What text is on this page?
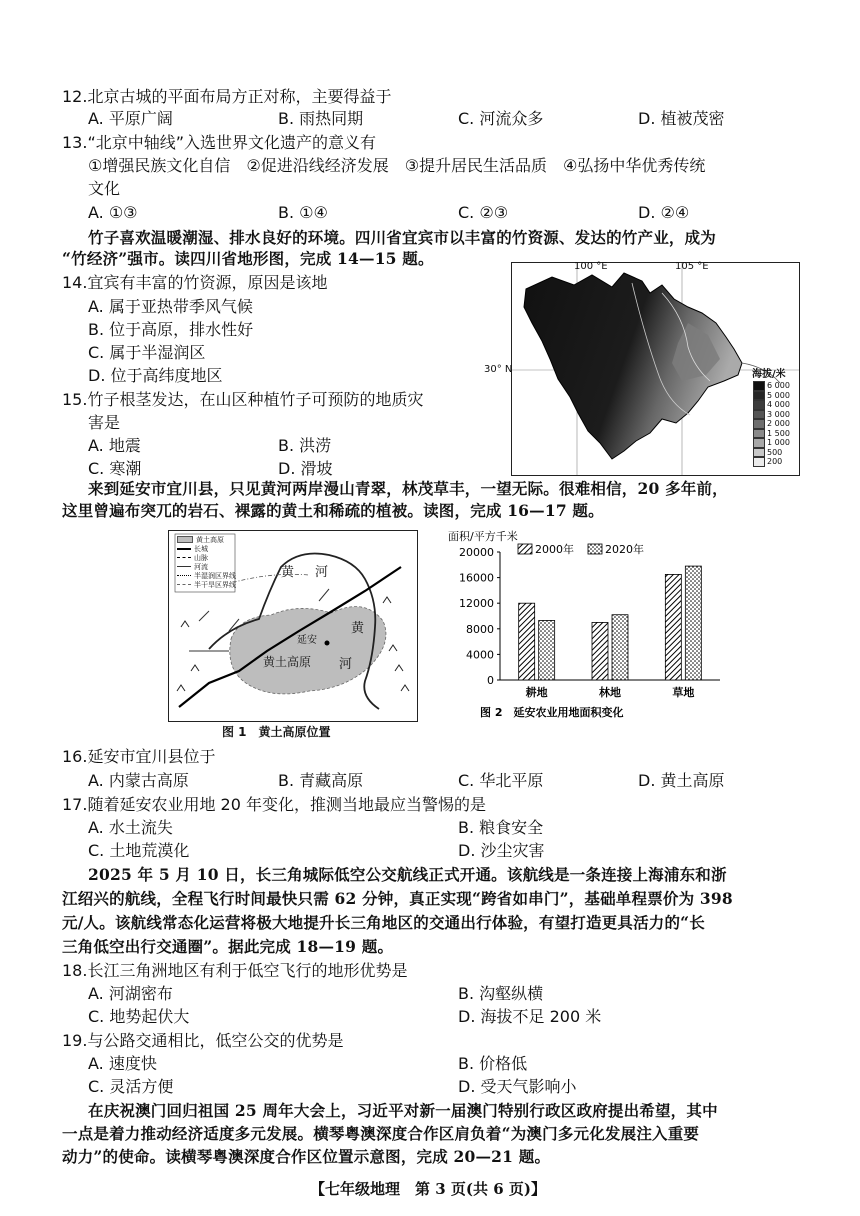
12.北京古城的平面布局方正对称，主要得益于
A. 平原广阔	B. 雨热同期	C. 河流众多	D. 植被茂密
13.“北京中轴线”入选世界文化遗产的意义有
①增强民族文化自信　②促进沿线经济发展　③提升居民生活品质　④弘扬中华优秀传统
文化
A. ①③	B. ①④	C. ②③	D. ②④
竹子喜欢温暖潮湿、排水良好的环境。四川省宜宾市以丰富的竹资源、发达的竹产业，成为
“竹经济”强市。读四川省地形图，完成 14—15 题。
14.宜宾有丰富的竹资源，原因是该地
A. 属于亚热带季风气候
B. 位于高原，排水性好
C. 属于半湿润区
D. 位于高纬度地区
15.竹子根茎发达，在山区种植竹子可预防的地质灾
害是
A. 地震	B. 洪涝
C. 寒潮	D. 滑坡
100 °E	105 °E
30° N	海拔/米
6 000
5 000
4 000
3 000
2 000
1 500
1 000
500
200
来到延安市宜川县，只见黄河两岸漫山青翠，林茂草丰，一望无际。很难相信，20 多年前，
这里曾遍布突兀的岩石、裸露的黄土和稀疏的植被。读图，完成 16—17 题。
黄土高原
长城
山脉
河流
半湿润区界线
半干旱区界线
黄 河
黄
河
延安
黄土高原
图 1　黄土高原位置
面积/平方千米
0
4000
8000
12000
16000
20000	2000年	2020年
耕地	林地	草地
图 2　延安农业用地面积变化
16.延安市宜川县位于
A. 内蒙古高原	B. 青藏高原	C. 华北平原	D. 黄土高原
17.随着延安农业用地 20 年变化，推测当地最应当警惕的是
A. 水土流失	B. 粮食安全
C. 土地荒漠化	D. 沙尘灾害
2025 年 5 月 10 日，长三角城际低空公交航线正式开通。该航线是一条连接上海浦东和浙
江绍兴的航线，全程飞行时间最快只需 62 分钟，真正实现“跨省如串门”，基础单程票价为 398
元/人。该航线常态化运营将极大地提升长三角地区的交通出行体验，有望打造更具活力的“长
三角低空出行交通圈”。据此完成 18—19 题。
18.长江三角洲地区有利于低空飞行的地形优势是
A. 河湖密布	B. 沟壑纵横
C. 地势起伏大	D. 海拔不足 200 米
19.与公路交通相比，低空公交的优势是
A. 速度快	B. 价格低
C. 灵活方便	D. 受天气影响小
在庆祝澳门回归祖国 25 周年大会上，习近平对新一届澳门特别行政区政府提出希望，其中
一点是着力推动经济适度多元发展。横琴粤澳深度合作区肩负着“为澳门多元化发展注入重要
动力”的使命。读横琴粤澳深度合作区位置示意图，完成 20—21 题。
【七年级地理　第 3 页(共 6 页)】
